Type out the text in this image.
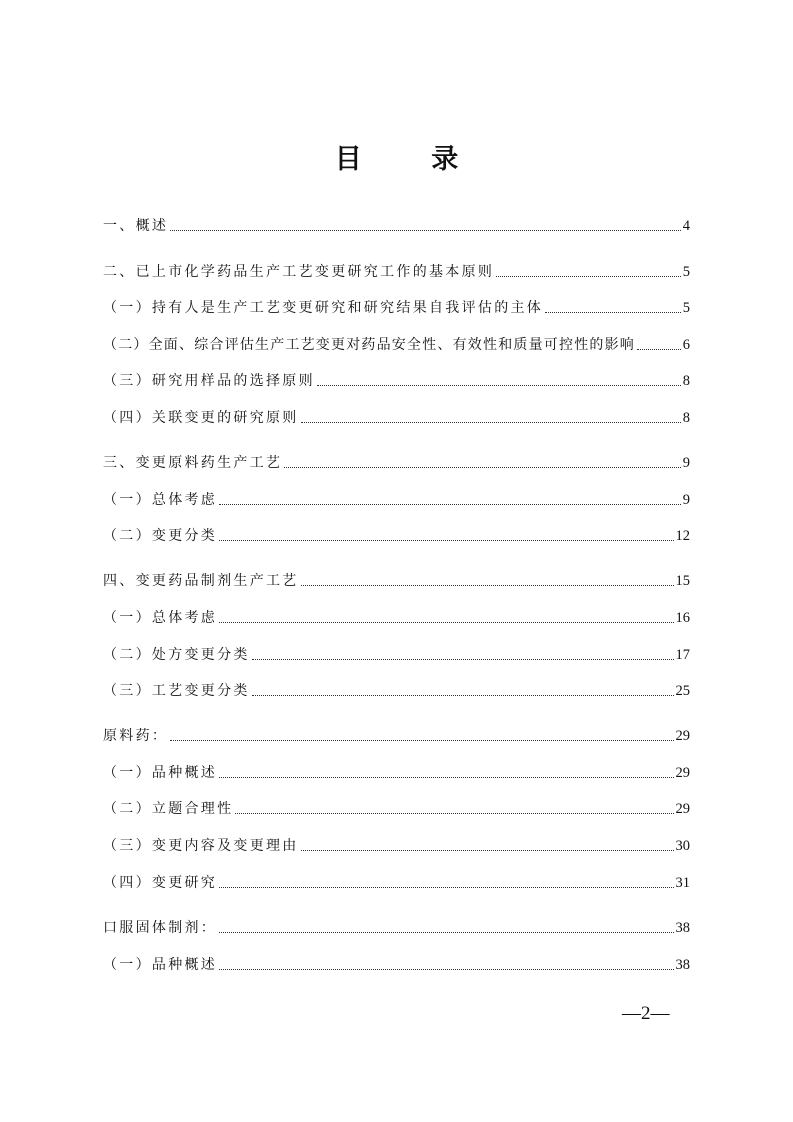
目 录
一、概述	4
二、已上市化学药品生产工艺变更研究工作的基本原则	5
（一）持有人是生产工艺变更研究和研究结果自我评估的主体	5
（二）全面、综合评估生产工艺变更对药品安全性、有效性和质量可控性的影响	6
（三）研究用样品的选择原则	8
（四）关联变更的研究原则	8
三、变更原料药生产工艺	9
（一）总体考虑	9
（二）变更分类	12
四、变更药品制剂生产工艺	15
（一）总体考虑	16
（二）处方变更分类	17
（三）工艺变更分类	25
原料药：	29
（一）品种概述	29
（二）立题合理性	29
（三）变更内容及变更理由	30
（四）变更研究	31
口服固体制剂：	38
（一）品种概述	38
—2—
